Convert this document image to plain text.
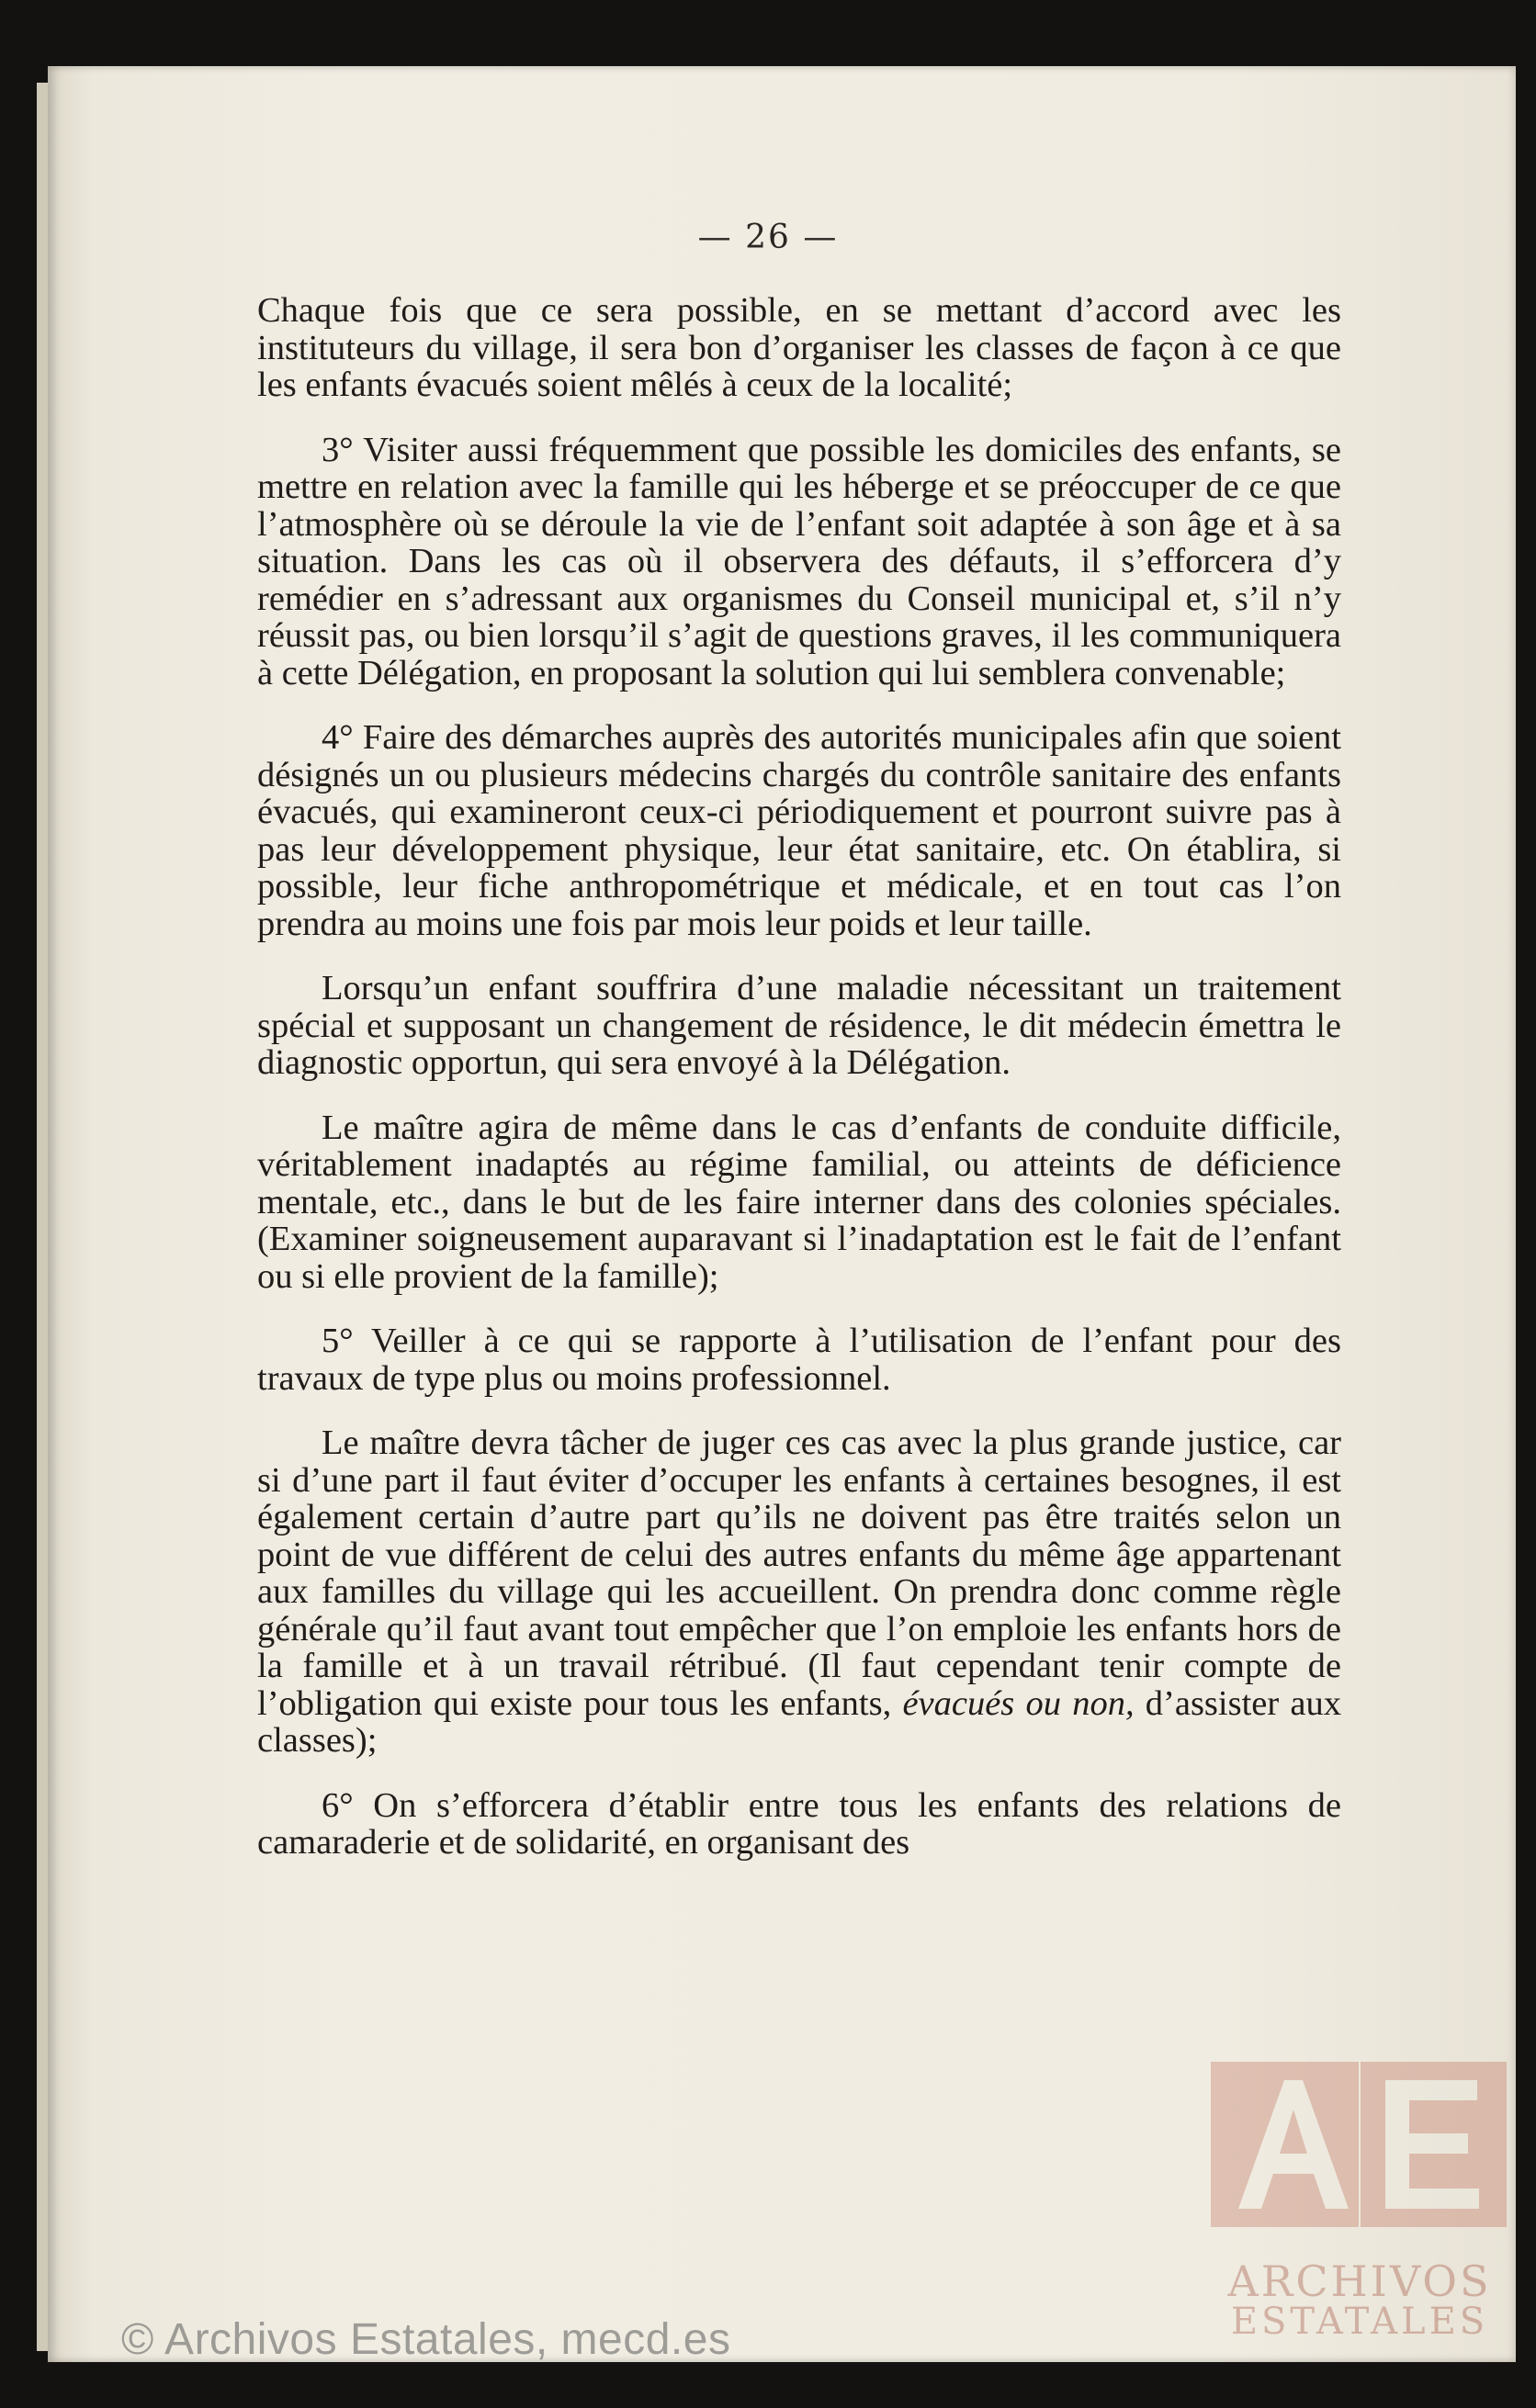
— 26 —

Chaque fois que ce sera possible, en se mettant d’accord avec les instituteurs du village, il sera bon d’organiser les classes de façon à ce que les enfants évacués soient mêlés à ceux de la localité;

3° Visiter aussi fréquemment que possible les domiciles des enfants, se mettre en relation avec la famille qui les héberge et se préoccuper de ce que l’atmosphère où se déroule la vie de l’enfant soit adaptée à son âge et à sa situation. Dans les cas où il observera des défauts, il s’efforcera d’y remédier en s’adressant aux organismes du Conseil municipal et, s’il n’y réussit pas, ou bien lorsqu’il s’agit de questions graves, il les communiquera à cette Délégation, en proposant la solution qui lui semblera convenable;

4° Faire des démarches auprès des autorités municipales afin que soient désignés un ou plusieurs médecins chargés du contrôle sanitaire des enfants évacués, qui examineront ceux-ci périodiquement et pourront suivre pas à pas leur développement physique, leur état sanitaire, etc. On établira, si possible, leur fiche anthropométrique et médicale, et en tout cas l’on prendra au moins une fois par mois leur poids et leur taille.

Lorsqu’un enfant souffrira d’une maladie nécessitant un traitement spécial et supposant un changement de résidence, le dit médecin émettra le diagnostic opportun, qui sera envoyé à la Délégation.

Le maître agira de même dans le cas d’enfants de conduite difficile, véritablement inadaptés au régime familial, ou atteints de déficience mentale, etc., dans le but de les faire interner dans des colonies spéciales. (Examiner soigneusement auparavant si l’inadaptation est le fait de l’enfant ou si elle provient de la famille);

5° Veiller à ce qui se rapporte à l’utilisation de l’enfant pour des travaux de type plus ou moins professionnel.

Le maître devra tâcher de juger ces cas avec la plus grande justice, car si d’une part il faut éviter d’occuper les enfants à certaines besognes, il est également certain d’autre part qu’ils ne doivent pas être traités selon un point de vue différent de celui des autres enfants du même âge appartenant aux familles du village qui les accueillent. On prendra donc comme règle générale qu’il faut avant tout empêcher que l’on emploie les enfants hors de la famille et à un travail rétribué. (Il faut cependant tenir compte de l’obligation qui existe pour tous les enfants, évacués ou non, d’assister aux classes);

6° On s’efforcera d’établir entre tous les enfants des relations de camaraderie et de solidarité, en organisant des

ARCHIVOS
ESTATALES
© Archivos Estatales, mecd.es
